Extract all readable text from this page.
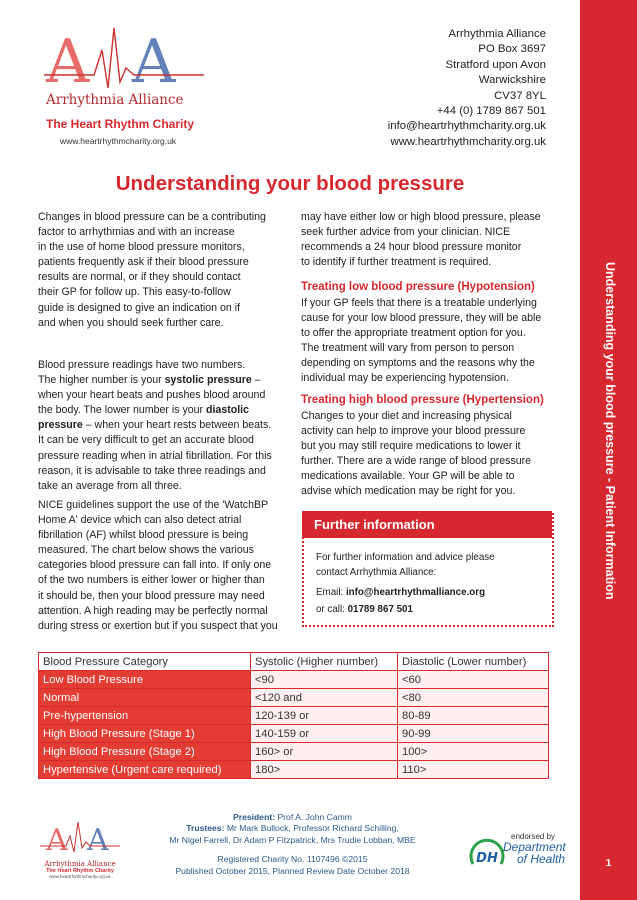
Understanding your blood pressure - Patient Information
1
A A
Arrhythmia Alliance
The Heart Rhythm Charity
www.heartrhythmcharity.org.uk
Arrhythmia Alliance
PO Box 3697
Stratford upon Avon
Warwickshire
CV37 8YL
+44 (0) 1789 867 501
info@heartrhythmcharity.org.uk
www.heartrhythmcharity.org.uk
Understanding your blood pressure
Changes in blood pressure can be a contributing
factor to arrhythmias and with an increase
in the use of home blood pressure monitors,
patients frequently ask if their blood pressure
results are normal, or if they should contact
their GP for follow up. This easy-to-follow
guide is designed to give an indication on if
and when you should seek further care.
Blood pressure readings have two numbers.
The higher number is your systolic pressure –
when your heart beats and pushes blood around
the body. The lower number is your diastolic
pressure – when your heart rests between beats.
It can be very difficult to get an accurate blood
pressure reading when in atrial fibrillation. For this
reason, it is advisable to take three readings and
take an average from all three.
NICE guidelines support the use of the 'WatchBP
Home A' device which can also detect atrial
fibrillation (AF) whilst blood pressure is being
measured. The chart below shows the various
categories blood pressure can fall into. If only one
of the two numbers is either lower or higher than
it should be, then your blood pressure may need
attention. A high reading may be perfectly normal
during stress or exertion but if you suspect that you
may have either low or high blood pressure, please
seek further advice from your clinician. NICE
recommends a 24 hour blood pressure monitor
to identify if further treatment is required.
Treating low blood pressure (Hypotension)
If your GP feels that there is a treatable underlying
cause for your low blood pressure, they will be able
to offer the appropriate treatment option for you.
The treatment will vary from person to person
depending on symptoms and the reasons why the
individual may be experiencing hypotension.
Treating high blood pressure (Hypertension)
Changes to your diet and increasing physical
activity can help to improve your blood pressure
but you may still require medications to lower it
further. There are a wide range of blood pressure
medications available. Your GP will be able to
advise which medication may be right for you.
Further information
For further information and advice please
contact Arrhythmia Alliance:
Email: info@heartrhythmalliance.org
or call: 01789 867 501
Blood Pressure Category	Systolic (Higher number)	Diastolic (Lower number)
Low Blood Pressure	<90	<60
Normal	<120 and	<80
Pre-hypertension	120-139 or	80-89
High Blood Pressure (Stage 1)	140-159 or	90-99
High Blood Pressure (Stage 2)	160> or	100>
Hypertensive (Urgent care required)	180>	110>
A A
Arrhythmia Alliance
The Heart Rhythm Charity
www.heartrhythmcharity.org.uk
President: Prof A. John Camm
Trustees: Mr Mark Bullock, Professor Richard Schilling,
Mr Nigel Farrell, Dr Adam P Fitzpatrick, Mrs Trudie Lobban, MBE
Registered Charity No. 1107496 ©2015
Published October 2015, Planned Review Date October 2018
endorsed by
DH
Department
of Health
